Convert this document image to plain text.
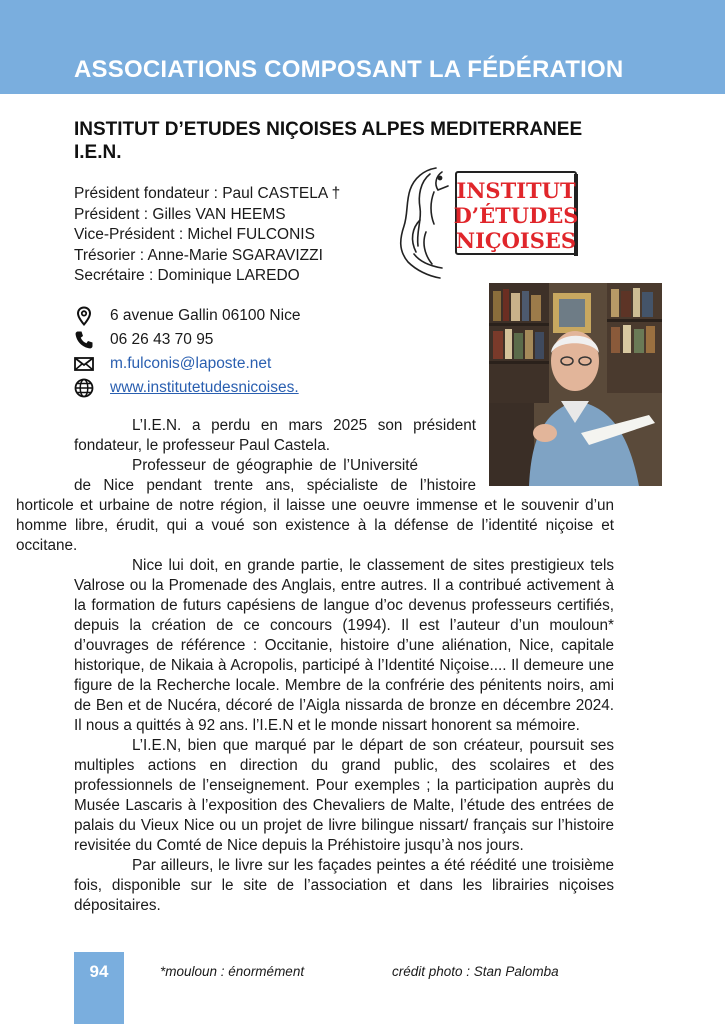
ASSOCIATIONS COMPOSANT LA FÉDÉRATION
INSTITUT D’ETUDES NIÇOISES ALPES MEDITERRANEE
I.E.N.
Président fondateur : Paul CASTELA †
Président : Gilles VAN HEEMS
Vice-Président : Michel FULCONIS
Trésorier : Anne-Marie SGARAVIZZI
Secrétaire : Dominique LAREDO
INSTITUT
D’ÉTUDES
NIÇOISES
6 avenue Gallin 06100 Nice
06 26 43 70 95
m.fulconis@laposte.net
www.institutetudesnicoises.

L’I.E.N. a perdu en mars 2025 son président fondateur, le professeur Paul Castela.

Professeur de géographie de l’Université
de Nice pendant trente ans, spécialiste de l’histoire
horticole et urbaine de notre région, il laisse une oeuvre immense et le souvenir d’un homme libre, érudit, qui a voué son existence à la défense de l’identité niçoise et occitane.

Nice lui doit, en grande partie, le classement de sites prestigieux tels Valrose ou la Promenade des Anglais, entre autres. Il a contribué activement à la formation de futurs capésiens de langue d’oc devenus professeurs certifiés, depuis la création de ce concours (1994). Il est l’auteur d’un mouloun* d’ouvrages de référence : Occitanie, histoire d’une aliénation, Nice, capitale historique, de Nikaia à Acropolis, participé à l’Identité Niçoise.... Il demeure une figure de la Recherche locale. Membre de la confrérie des pénitents noirs, ami de Ben et de Nucéra, décoré de l’Aigla nissarda de bronze en décembre 2024. Il nous a quittés à 92 ans. l’I.E.N et le monde nissart honorent sa mémoire.

L’I.E.N, bien que marqué par le départ de son créateur, poursuit ses multiples actions en direction du grand public, des scolaires et des professionnels de l’enseignement. Pour exemples ; la participation auprès du Musée Lascaris à l’exposition des Chevaliers de Malte, l’étude des entrées de palais du Vieux Nice ou un projet de livre bilingue nissart/ français sur l’histoire revisitée du Comté de Nice depuis la Préhistoire jusqu’à nos jours.

Par ailleurs, le livre sur les façades peintes a été réédité une troisième fois, disponible sur le site de l’association et dans les librairies niçoises dépositaires.

94	*mouloun : énormément	crédit photo : Stan Palomba
